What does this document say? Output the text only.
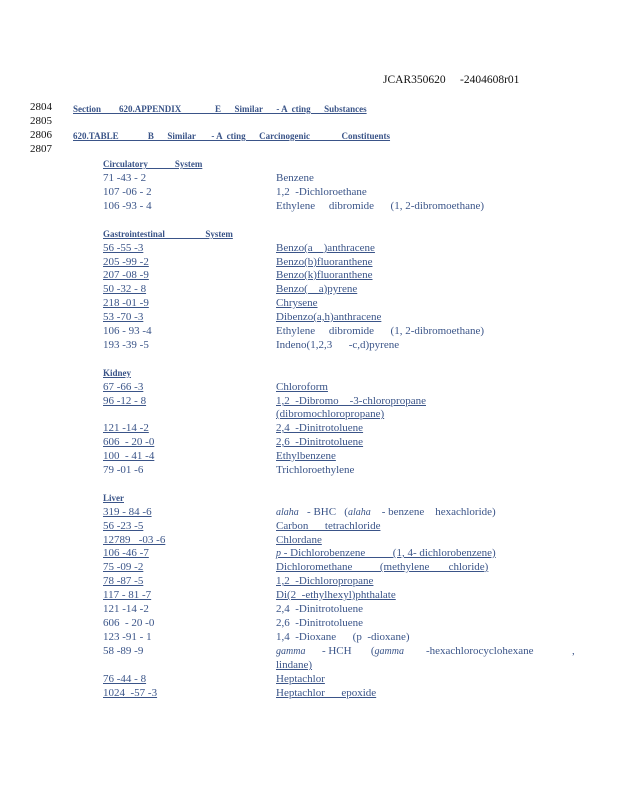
JCAR350620     -2404608r01
2804
2805
2806
2807
Section        620.APPENDIX               E      Similar      - A  cting      Substances
620.TABLE             B      Similar       - A  cting      Carcinogenic              Constituents
Circulatory            System
71 -43 - 2	Benzene
107 -06 - 2	1,2  -Dichloroethane
106 -93 - 4	Ethylene     dibromide      (1, 2-dibromoethane)
Gastrointestinal                  System
56 -55 -3	Benzo(a    )anthracene
205 -99 -2	Benzo(b)fluoranthene
207 -08 -9	Benzo(k)fluoranthene
50 -32 - 8	Benzo(    a)pyrene
218 -01 -9	Chrysene
53 -70 -3	Dibenzo(a,h)anthracene
106 - 93 -4	Ethylene     dibromide      (1, 2-dibromoethane)
193 -39 -5	Indeno(1,2,3      -c,d)pyrene
Kidney
67 -66 -3	Chloroform
96 -12 - 8	1,2  -Dibromo    -3-chloropropane
(dibromochloropropane)
121 -14 -2	2,4  -Dinitrotoluene
606  - 20 -0	2,6  -Dinitrotoluene
100  - 41 -4	Ethylbenzene
79 -01 -6	Trichloroethylene
Liver
319 - 84 -6	alaha   - BHC   (alaha    - benzene    hexachloride)
56 -23 -5	Carbon      tetrachloride
12789   -03 -6	Chlordane
106 -46 -7	p - Dichlorobenzene          (1, 4- dichlorobenzene)
75 -09 -2	Dichloromethane          (methylene       chloride)
78 -87 -5	1,2  -Dichloropropane
117 - 81 -7	Di(2  -ethylhexyl)phthalate
121 -14 -2	2,4  -Dinitrotoluene
606  - 20 -0	2,6  -Dinitrotoluene
123 -91 - 1	1,4  -Dioxane      (p  -dioxane)
58 -89 -9	gamma      - HCH       (gamma        -hexachlorocyclohexane              ,
lindane)
76 -44 - 8	Heptachlor
1024  -57 -3	Heptachlor      epoxide
